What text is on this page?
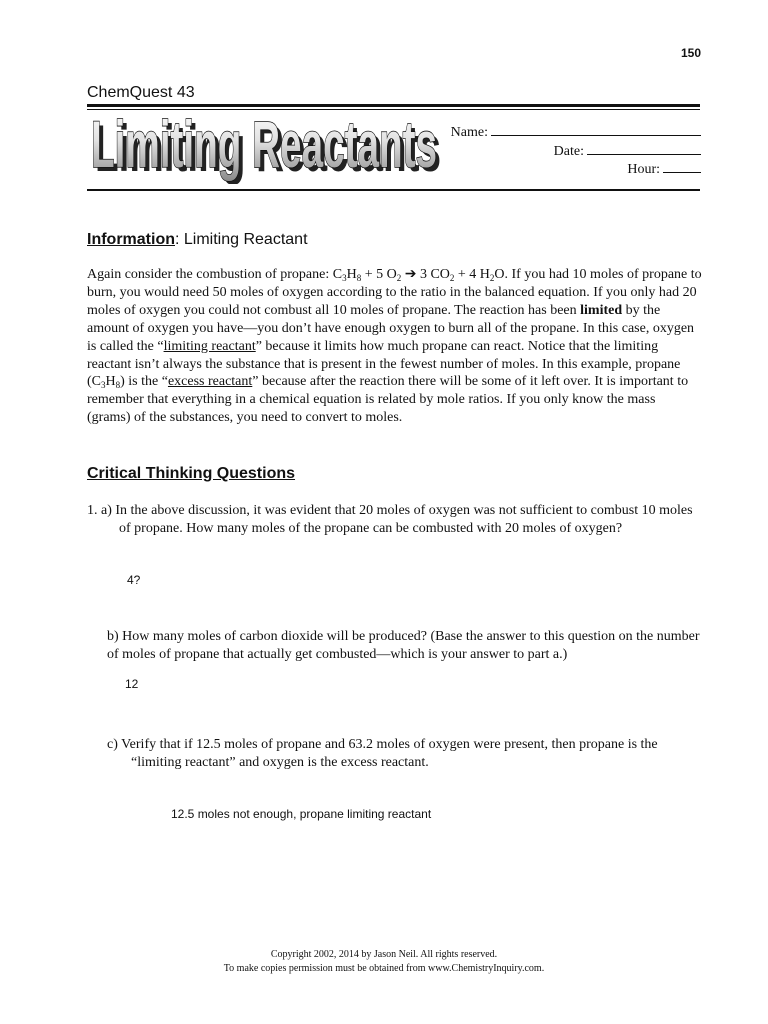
150
ChemQuest 43
Limiting Reactants
Limiting Reactants Name:
Date:
Hour:
Information: Limiting Reactant
Again consider the combustion of propane: $C_3H_8 + 5$ $O_2$ ➔ 3 $CO_2 + 4$ $H_2O$. If you had 10 moles of propane to burn, you would need 50 moles of oxygen according to the ratio in the balanced equation. If you only had 20 moles of oxygen you could not combust all 10 moles of propane. The reaction has been limited by the amount of oxygen you have—you don’t have enough oxygen to burn all of the propane. In this case, oxygen is called the “limiting reactant” because it limits how much propane can react. Notice that the limiting reactant isn’t always the substance that is present in the fewest number of moles. In this example, propane $(C_3H_8)$ is the “excess reactant” because after the reaction there will be some of it left over. It is important to remember that everything in a chemical equation is related by mole ratios. If you only know the mass (grams) of the substances, you need to convert to moles.
Critical Thinking Questions
1. a) In the above discussion, it was evident that 20 moles of oxygen was not sufficient to combust 10 moles of propane. How many moles of the propane can be combusted with 20 moles of oxygen?
4?
b) How many moles of carbon dioxide will be produced? (Base the answer to this question on the number of moles of propane that actually get combusted—which is your answer to part a.)
12
c) Verify that if 12.5 moles of propane and 63.2 moles of oxygen were present, then propane is the “limiting reactant” and oxygen is the excess reactant.
12.5 moles not enough, propane limiting reactant
Copyright 2002, 2014 by Jason Neil. All rights reserved.
To make copies permission must be obtained from www.ChemistryInquiry.com.
